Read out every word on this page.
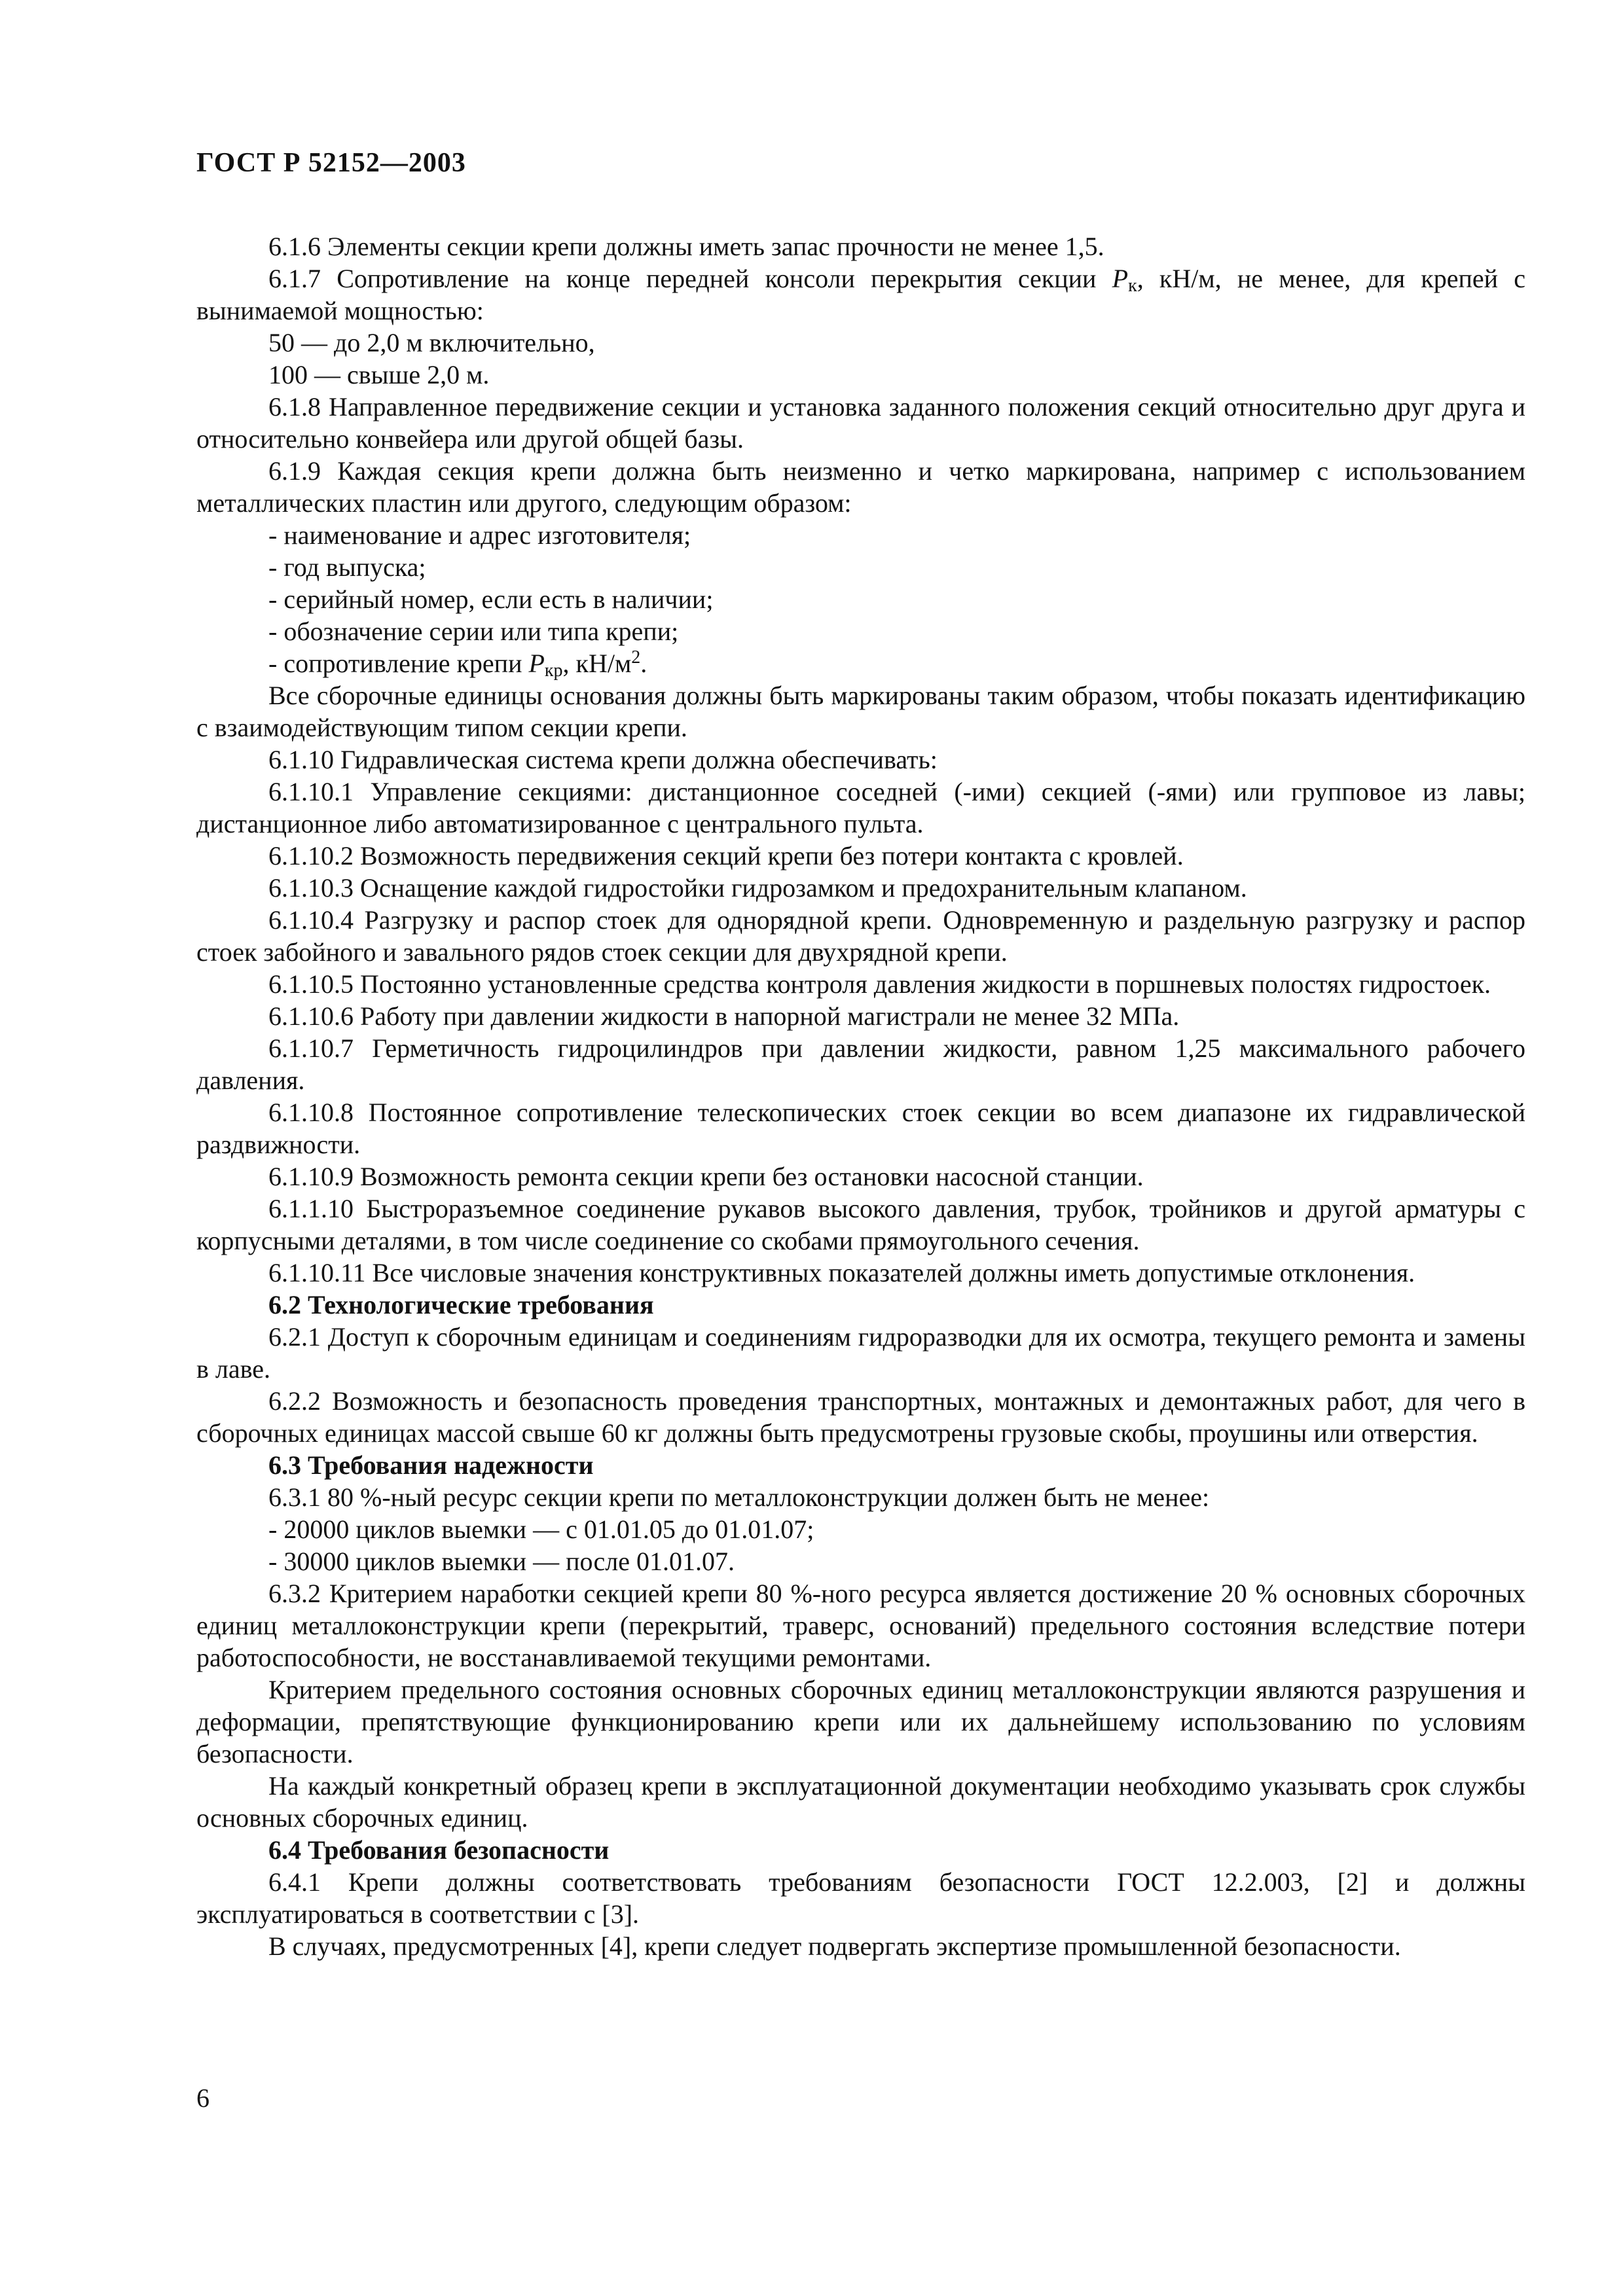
ГОСТ Р 52152—2003

6.1.6 Элементы секции крепи должны иметь запас прочности не менее 1,5.

6.1.7 Сопротивление на конце передней консоли перекрытия секции $P_к$, кН/м, не менее, для крепей с вынимаемой мощностью:

50 — до 2,0 м включительно,

100 — свыше 2,0 м.

6.1.8 Направленное передвижение секции и установка заданного положения секций относительно друг друга и относительно конвейера или другой общей базы.

6.1.9 Каждая секция крепи должна быть неизменно и четко маркирована, например с использованием металлических пластин или другого, следующим образом:

- наименование и адрес изготовителя;

- год выпуска;

- серийный номер, если есть в наличии;

- обозначение серии или типа крепи;

- сопротивление крепи $P_{кр}$, $кН/м^2$.

Все сборочные единицы основания должны быть маркированы таким образом, чтобы показать идентификацию с взаимодействующим типом секции крепи.

6.1.10 Гидравлическая система крепи должна обеспечивать:

6.1.10.1 Управление секциями: дистанционное соседней (-ими) секцией (-ями) или групповое из лавы; дистанционное либо автоматизированное с центрального пульта.

6.1.10.2 Возможность передвижения секций крепи без потери контакта с кровлей.

6.1.10.3 Оснащение каждой гидростойки гидрозамком и предохранительным клапаном.

6.1.10.4 Разгрузку и распор стоек для однорядной крепи. Одновременную и раздельную разгрузку и распор стоек забойного и завального рядов стоек секции для двухрядной крепи.

6.1.10.5 Постоянно установленные средства контроля давления жидкости в поршневых полостях гидростоек.

6.1.10.6 Работу при давлении жидкости в напорной магистрали не менее 32 МПа.

6.1.10.7 Герметичность гидроцилиндров при давлении жидкости, равном 1,25 максимального рабочего давления.

6.1.10.8 Постоянное сопротивление телескопических стоек секции во всем диапазоне их гидравлической раздвижности.

6.1.10.9 Возможность ремонта секции крепи без остановки насосной станции.

6.1.1.10 Быстроразъемное соединение рукавов высокого давления, трубок, тройников и другой арматуры с корпусными деталями, в том числе соединение со скобами прямоугольного сечения.

6.1.10.11 Все числовые значения конструктивных показателей должны иметь допустимые отклонения.

6.2 Технологические требования

6.2.1 Доступ к сборочным единицам и соединениям гидроразводки для их осмотра, текущего ремонта и замены в лаве.

6.2.2 Возможность и безопасность проведения транспортных, монтажных и демонтажных работ, для чего в сборочных единицах массой свыше 60 кг должны быть предусмотрены грузовые скобы, проушины или отверстия.

6.3 Требования надежности

6.3.1 80 %-ный ресурс секции крепи по металлоконструкции должен быть не менее:

- 20000 циклов выемки — с 01.01.05 до 01.01.07;

- 30000 циклов выемки — после 01.01.07.

6.3.2 Критерием наработки секцией крепи 80 %-ного ресурса является достижение 20 % основных сборочных единиц металлоконструкции крепи (перекрытий, траверс, оснований) предельного состояния вследствие потери работоспособности, не восстанавливаемой текущими ремонтами.

Критерием предельного состояния основных сборочных единиц металлоконструкции являются разрушения и деформации, препятствующие функционированию крепи или их дальнейшему использованию по условиям безопасности.

На каждый конкретный образец крепи в эксплуатационной документации необходимо указывать срок службы основных сборочных единиц.

6.4 Требования безопасности

6.4.1 Крепи должны соответствовать требованиям безопасности ГОСТ 12.2.003, [2] и должны эксплуатироваться в соответствии с [3].

В случаях, предусмотренных [4], крепи следует подвергать экспертизе промышленной безопасности.

6
